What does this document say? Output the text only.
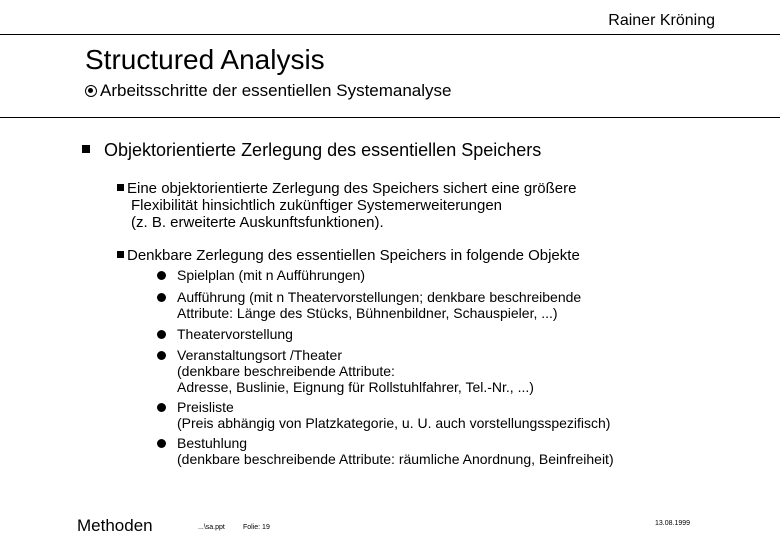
Rainer Kröning
Structured Analysis
Arbeitsschritte der essentiellen Systemanalyse
Objektorientierte Zerlegung des essentiellen Speichers
Eine objektorientierte Zerlegung des Speichers sichert eine größere
Flexibilität hinsichtlich zukünftiger Systemerweiterungen
(z. B. erweiterte Auskunftsfunktionen).
Denkbare Zerlegung des essentiellen Speichers in folgende Objekte
Spielplan (mit n Aufführungen)
Aufführung (mit n Theatervorstellungen; denkbare beschreibende
Attribute: Länge des Stücks, Bühnenbildner, Schauspieler, ...)
Theatervorstellung
Veranstaltungsort /Theater
(denkbare beschreibende Attribute:
Adresse, Buslinie, Eignung für Rollstuhlfahrer, Tel.-Nr., ...)
Preisliste
(Preis abhängig von Platzkategorie, u. U. auch vorstellungsspezifisch)
Bestuhlung
(denkbare beschreibende Attribute: räumliche Anordnung, Beinfreiheit)
Methoden	...\sa.ppt	Folie: 19
13.08.1999
